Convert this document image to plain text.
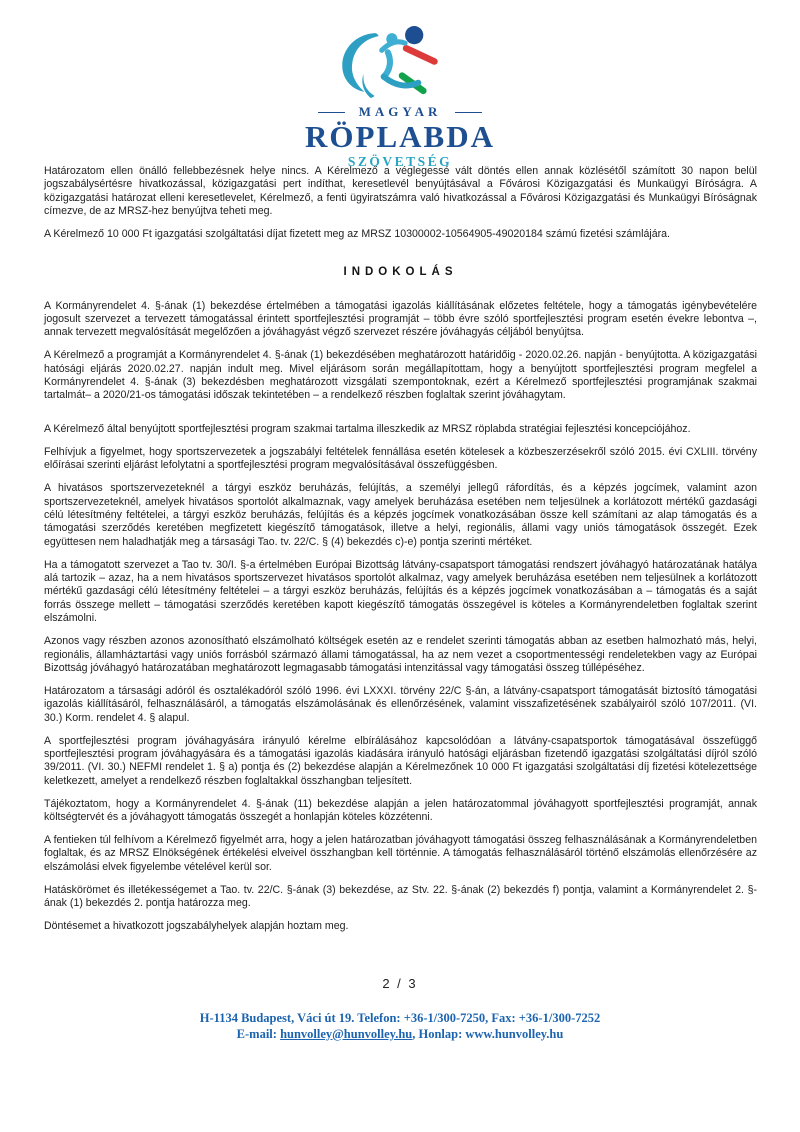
MAGYAR
RÖPLABDA
SZÖVETSÉG

Határozatom ellen önálló fellebbezésnek helye nincs. A Kérelmező a véglegessé vált döntés ellen annak közlésétől számított 30 napon belül jogszabálysértésre hivatkozással, közigazgatási pert indíthat, keresetlevél benyújtásával a Fővárosi Közigazgatási és Munkaügyi Bíróságra. A közigazgatási határozat elleni keresetlevelet, Kérelmező, a fenti ügyiratszámra való hivatkozással a Fővárosi Közigazgatási és Munkaügyi Bíróságnak címezve, de az MRSZ-hez benyújtva teheti meg.

A Kérelmező 10 000 Ft igazgatási szolgáltatási díjat fizetett meg az MRSZ 10300002-10564905-49020184 számú fizetési számlájára.

INDOKOLÁS

A Kormányrendelet 4. §-ának (1) bekezdése értelmében a támogatási igazolás kiállításának előzetes feltétele, hogy a támogatás igénybevételére jogosult szervezet a tervezett támogatással érintett sportfejlesztési programját – több évre szóló sportfejlesztési program esetén évekre lebontva –, annak tervezett megvalósítását megelőzően a jóváhagyást végző szervezet részére jóváhagyás céljából benyújtsa.

A Kérelmező a programját a Kormányrendelet 4. §-ának (1) bekezdésében meghatározott határidőig - 2020.02.26. napján - benyújtotta. A közigazgatási hatósági eljárás 2020.02.27. napján indult meg. Mivel eljárásom során megállapítottam, hogy a benyújtott sportfejlesztési program megfelel a Kormányrendelet 4. §-ának (3) bekezdésben meghatározott vizsgálati szempontoknak, ezért a Kérelmező sportfejlesztési programjának szakmai tartalmát– a 2020/21-os támogatási időszak tekintetében – a rendelkező részben foglaltak szerint jóváhagytam.

A Kérelmező által benyújtott sportfejlesztési program szakmai tartalma illeszkedik az MRSZ röplabda stratégiai fejlesztési koncepciójához.

Felhívjuk a figyelmet, hogy sportszervezetek a jogszabályi feltételek fennállása esetén kötelesek a közbeszerzésekről szóló 2015. évi CXLIII. törvény előírásai szerinti eljárást lefolytatni a sportfejlesztési program megvalósításával összefüggésben.

A hivatásos sportszervezeteknél a tárgyi eszköz beruházás, felújítás, a személyi jellegű ráfordítás, és a képzés jogcímek, valamint azon sportszervezeteknél, amelyek hivatásos sportolót alkalmaznak, vagy amelyek beruházása esetében nem teljesülnek a korlátozott mértékű gazdasági célú létesítmény feltételei, a tárgyi eszköz beruházás, felújítás és a képzés jogcímek vonatkozásában össze kell számítani az alap támogatás és a támogatási szerződés keretében megfizetett kiegészítő támogatások, illetve a helyi, regionális, állami vagy uniós támogatások összegét. Ezek együttesen nem haladhatják meg a társasági Tao. tv. 22/C. § (4) bekezdés c)-e) pontja szerinti mértéket.

Ha a támogatott szervezet a Tao tv. 30/I. §-a értelmében Európai Bizottság látvány-csapatsport támogatási rendszert jóváhagyó határozatának hatálya alá tartozik – azaz, ha a nem hivatásos sportszervezet hivatásos sportolót alkalmaz, vagy amelyek beruházása esetében nem teljesülnek a korlátozott mértékű gazdasági célú létesítmény feltételei – a tárgyi eszköz beruházás, felújítás és a képzés jogcímek vonatkozásában a – támogatás és a saját forrás összege mellett – támogatási szerződés keretében kapott kiegészítő támogatás összegével is köteles a Kormányrendeletben foglaltak szerint elszámolni.

Azonos vagy részben azonos azonosítható elszámolható költségek esetén az e rendelet szerinti támogatás abban az esetben halmozható más, helyi, regionális, államháztartási vagy uniós forrásból származó állami támogatással, ha az nem vezet a csoportmentességi rendeletekben vagy az Európai Bizottság jóváhagyó határozatában meghatározott legmagasabb támogatási intenzitással vagy támogatási összeg túllépéséhez.

Határozatom a társasági adóról és osztalékadóról szóló 1996. évi LXXXI. törvény 22/C §-án, a látvány-csapatsport támogatását biztosító támogatási igazolás kiállításáról, felhasználásáról, a támogatás elszámolásának és ellenőrzésének, valamint visszafizetésének szabályairól szóló 107/2011. (VI. 30.) Korm. rendelet 4. § alapul.

A sportfejlesztési program jóváhagyására irányuló kérelme elbírálásához kapcsolódóan a látvány-csapatsportok támogatásával összefüggő sportfejlesztési program jóváhagyására és a támogatási igazolás kiadására irányuló hatósági eljárásban fizetendő igazgatási szolgáltatási díjról szóló 39/2011. (VI. 30.) NEFMI rendelet 1. § a) pontja és (2) bekezdése alapján a Kérelmezőnek 10 000 Ft igazgatási szolgáltatási díj fizetési kötelezettsége keletkezett, amelyet a rendelkező részben foglaltakkal összhangban teljesített.

Tájékoztatom, hogy a Kormányrendelet 4. §-ának (11) bekezdése alapján a jelen határozatommal jóváhagyott sportfejlesztési programját, annak költségtervét és a jóváhagyott támogatás összegét a honlapján köteles közzétenni.

A fentieken túl felhívom a Kérelmező figyelmét arra, hogy a jelen határozatban jóváhagyott támogatási összeg felhasználásának a Kormányrendeletben foglaltak, és az MRSZ Elnökségének értékelési elveivel összhangban kell történnie. A támogatás felhasználásáról történő elszámolás ellenőrzésére az elszámolási elvek figyelembe vételével kerül sor.

Hatáskörömet és illetékességemet a Tao. tv. 22/C. §-ának (3) bekezdése, az Stv. 22. §-ának (2) bekezdés f) pontja, valamint a Kormányrendelet 2. §-ának (1) bekezdés 2. pontja határozza meg.

Döntésemet a hivatkozott jogszabályhelyek alapján hoztam meg.

2 / 3
H-1134 Budapest, Váci út 19. Telefon: +36-1/300-7250, Fax: +36-1/300-7252
E-mail: hunvolley@hunvolley.hu, Honlap: www.hunvolley.hu
